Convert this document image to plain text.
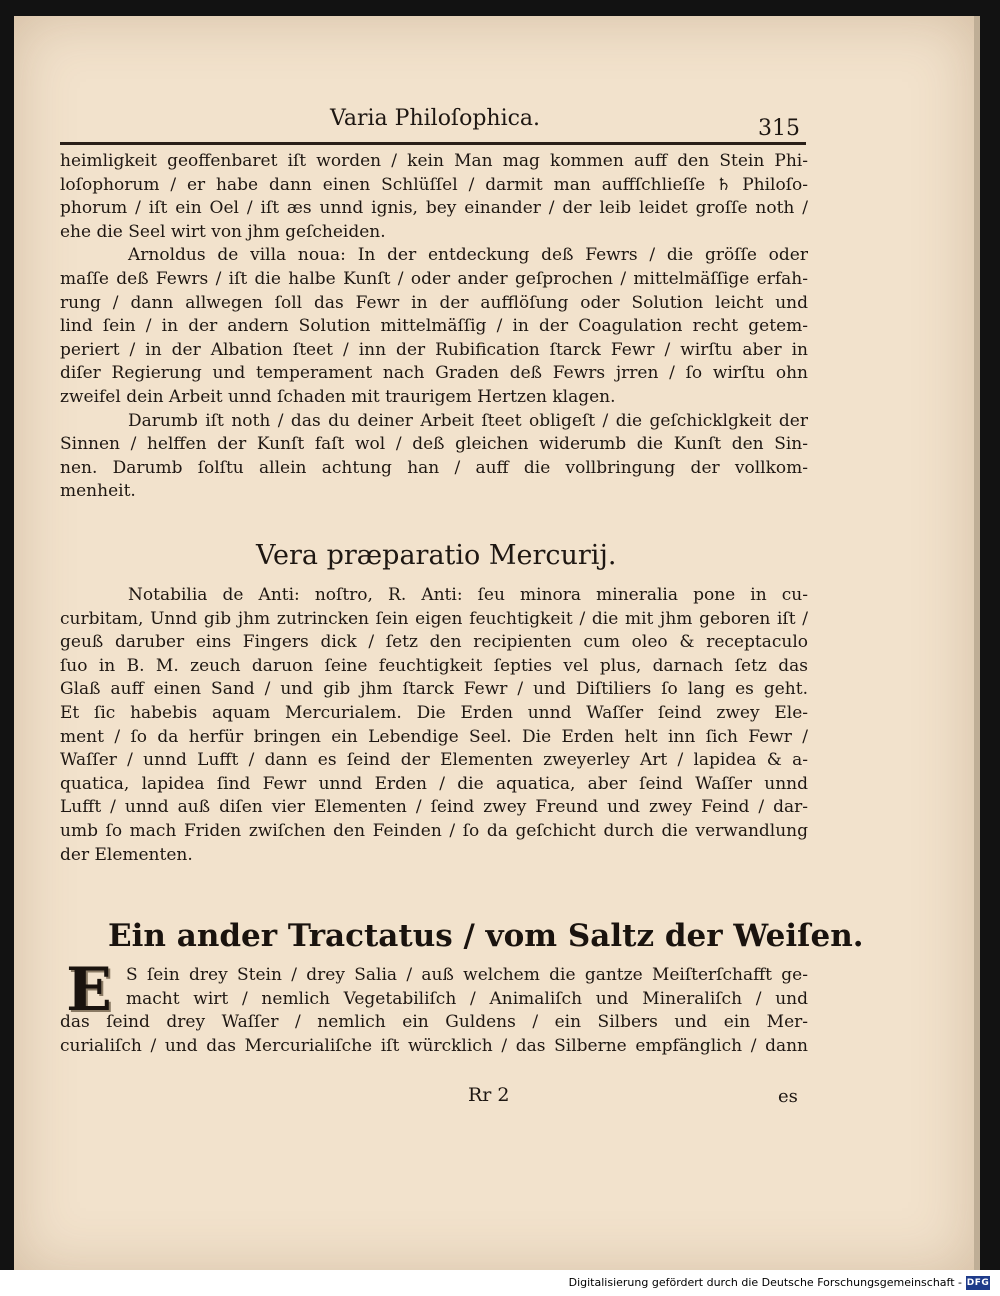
Varia Philoſophica.	315
heimligkeit geoffenbaret iſt worden / kein Man mag kommen auff den Stein Phi-
loſophorum / er habe dann einen Schlüſſel / darmit man auffſchlieſſe ♄ Philoſo-
phorum / iſt ein Oel / iſt æs unnd ignis, bey einander / der leib leidet groſſe noth /
ehe die Seel wirt von jhm geſcheiden.
Arnoldus de villa noua: In der entdeckung deß Fewrs / die gröſſe oder
maſſe deß Fewrs / iſt die halbe Kunſt / oder ander geſprochen / mittelmäſſige erfah-
rung / dann allwegen ſoll das Fewr in der aufflöſung oder Solution leicht und
lind ſein / in der andern Solution mittelmäſſig / in der Coagulation recht getem-
periert / in der Albation ſteet / inn der Rubification ſtarck Fewr / wirſtu aber in
diſer Regierung und temperament nach Graden deß Fewrs jrren / ſo wirſtu ohn
zweifel dein Arbeit unnd ſchaden mit traurigem Hertzen klagen.
Darumb iſt noth / das du deiner Arbeit ſteet obligeſt / die geſchicklgkeit der
Sinnen / helffen der Kunſt faſt wol / deß gleichen widerumb die Kunſt den Sin-
nen. Darumb ſolſtu allein achtung han / auff die vollbringung der vollkom-
menheit.
Vera præparatio Mercurij.
Notabilia de Anti: noſtro, R. Anti: ſeu minora mineralia pone in cu-
curbitam, Unnd gib jhm zutrincken ſein eigen feuchtigkeit / die mit jhm geboren iſt /
geuß daruber eins Fingers dick / ſetz den recipienten cum oleo & receptaculo
ſuo in B. M. zeuch daruon ſeine feuchtigkeit ſepties vel plus, darnach ſetz das
Glaß auff einen Sand / und gib jhm ſtarck Fewr / und Diſtiliers ſo lang es geht.
Et ſic habebis aquam Mercurialem. Die Erden unnd Waſſer ſeind zwey Ele-
ment / ſo da herfür bringen ein Lebendige Seel. Die Erden helt inn ſich Fewr /
Waſſer / unnd Lufft / dann es ſeind der Elementen zweyerley Art / lapidea & a-
quatica, lapidea ſind Fewr unnd Erden / die aquatica, aber ſeind Waſſer unnd
Lufft / unnd auß diſen vier Elementen / ſeind zwey Freund und zwey Feind / dar-
umb ſo mach Friden zwiſchen den Feinden / ſo da geſchicht durch die verwandlung
der Elementen.
Ein ander Tractatus / vom Saltz der Weiſen.
E S ſein drey Stein / drey Salia / auß welchem die gantze Meiſterſchafft ge-
macht wirt / nemlich Vegetabiliſch / Animaliſch und Mineraliſch / und
das ſeind drey Waſſer / nemlich ein Guldens / ein Silbers und ein Mer-
curialiſch / und das Mercurialiſche iſt würcklich / das Silberne empfänglich / dann
Rr 2	es
Digitalisierung gefördert durch die Deutsche Forschungsgemeinschaft - DFG
